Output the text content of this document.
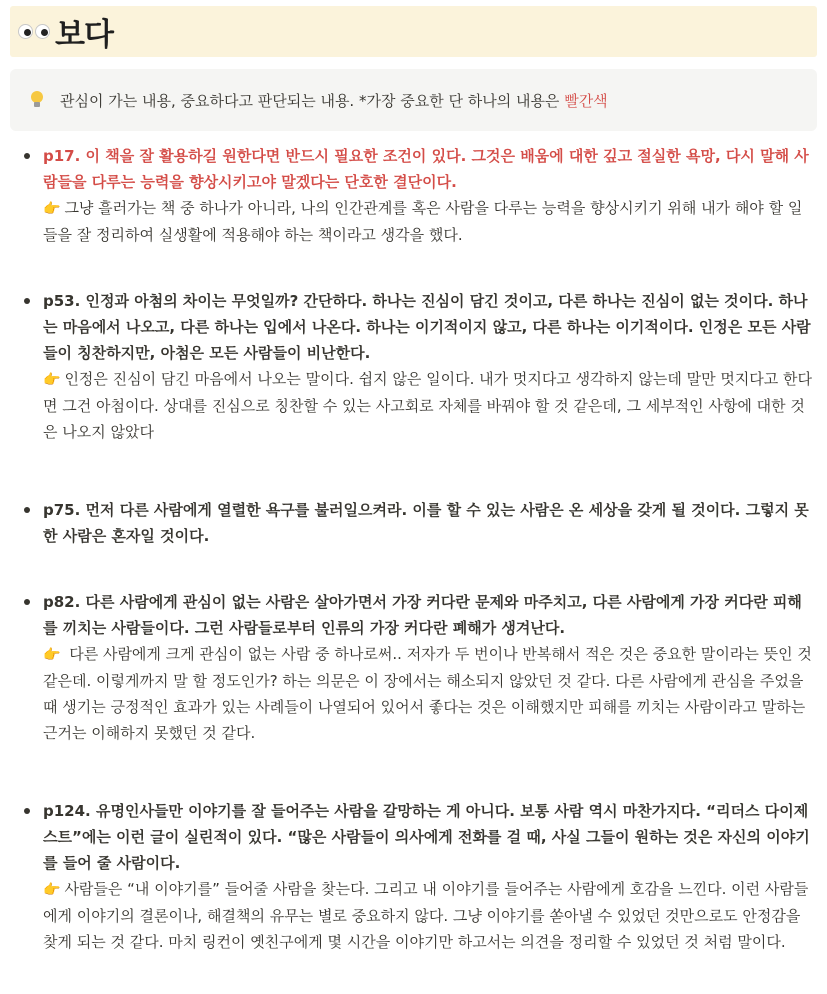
보다
관심이 가는 내용, 중요하다고 판단되는 내용. *가장 중요한 단 하나의 내용은 빨간색

p17. 이 책을 잘 활용하길 원한다면 반드시 필요한 조건이 있다. 그것은 배움에 대한 깊고 절실한 욕망, 다시 말해 사람들을 다루는 능력을 향상시키고야 말겠다는 단호한 결단이다.
👉 그냥 흘러가는 책 중 하나가 아니라, 나의 인간관계를 혹은 사람을 다루는 능력을 향상시키기 위해 내가 해야 할 일들을 잘 정리하여 실생활에 적용해야 하는 책이라고 생각을 했다.

p53. 인정과 아첨의 차이는 무엇일까? 간단하다. 하나는 진심이 담긴 것이고, 다른 하나는 진심이 없는 것이다. 하나는 마음에서 나오고, 다른 하나는 입에서 나온다. 하나는 이기적이지 않고, 다른 하나는 이기적이다. 인정은 모든 사람들이 칭찬하지만, 아첨은 모든 사람들이 비난한다.
👉 인정은 진심이 담긴 마음에서 나오는 말이다. 쉽지 않은 일이다. 내가 멋지다고 생각하지 않는데 말만 멋지다고 한다면 그건 아첨이다. 상대를 진심으로 칭찬할 수 있는 사고회로 자체를 바꿔야 할 것 같은데, 그 세부적인 사항에 대한 것은 나오지 않았다

p75. 먼저 다른 사람에게 열렬한 욕구를 불러일으켜라. 이를 할 수 있는 사람은 온 세상을 갖게 될 것이다. 그렇지 못한 사람은 혼자일 것이다.

p82. 다른 사람에게 관심이 없는 사람은 살아가면서 가장 커다란 문제와 마주치고, 다른 사람에게 가장 커다란 피해를 끼치는 사람들이다. 그런 사람들로부터 인류의 가장 커다란 폐해가 생겨난다.
👉 다른 사람에게 크게 관심이 없는 사람 중 하나로써.. 저자가 두 번이나 반복해서 적은 것은 중요한 말이라는 뜻인 것 같은데. 이렇게까지 말 할 정도인가? 하는 의문은 이 장에서는 해소되지 않았던 것 같다. 다른 사람에게 관심을 주었을 때 생기는 긍정적인 효과가 있는 사례들이 나열되어 있어서 좋다는 것은 이해했지만 피해를 끼치는 사람이라고 말하는 근거는 이해하지 못했던 것 같다.

p124. 유명인사들만 이야기를 잘 들어주는 사람을 갈망하는 게 아니다. 보통 사람 역시 마찬가지다. “리더스 다이제스트”에는 이런 글이 실린적이 있다. “많은 사람들이 의사에게 전화를 걸 때, 사실 그들이 원하는 것은 자신의 이야기를 들어 줄 사람이다.
👉 사람들은 “내 이야기를” 들어줄 사람을 찾는다. 그리고 내 이야기를 들어주는 사람에게 호감을 느낀다. 이런 사람들에게 이야기의 결론이나, 해결책의 유무는 별로 중요하지 않다. 그냥 이야기를 쏟아낼 수 있었던 것만으로도 안정감을 찾게 되는 것 같다. 마치 링컨이 옛친구에게 몇 시간을 이야기만 하고서는 의견을 정리할 수 있었던 것 처럼 말이다.
